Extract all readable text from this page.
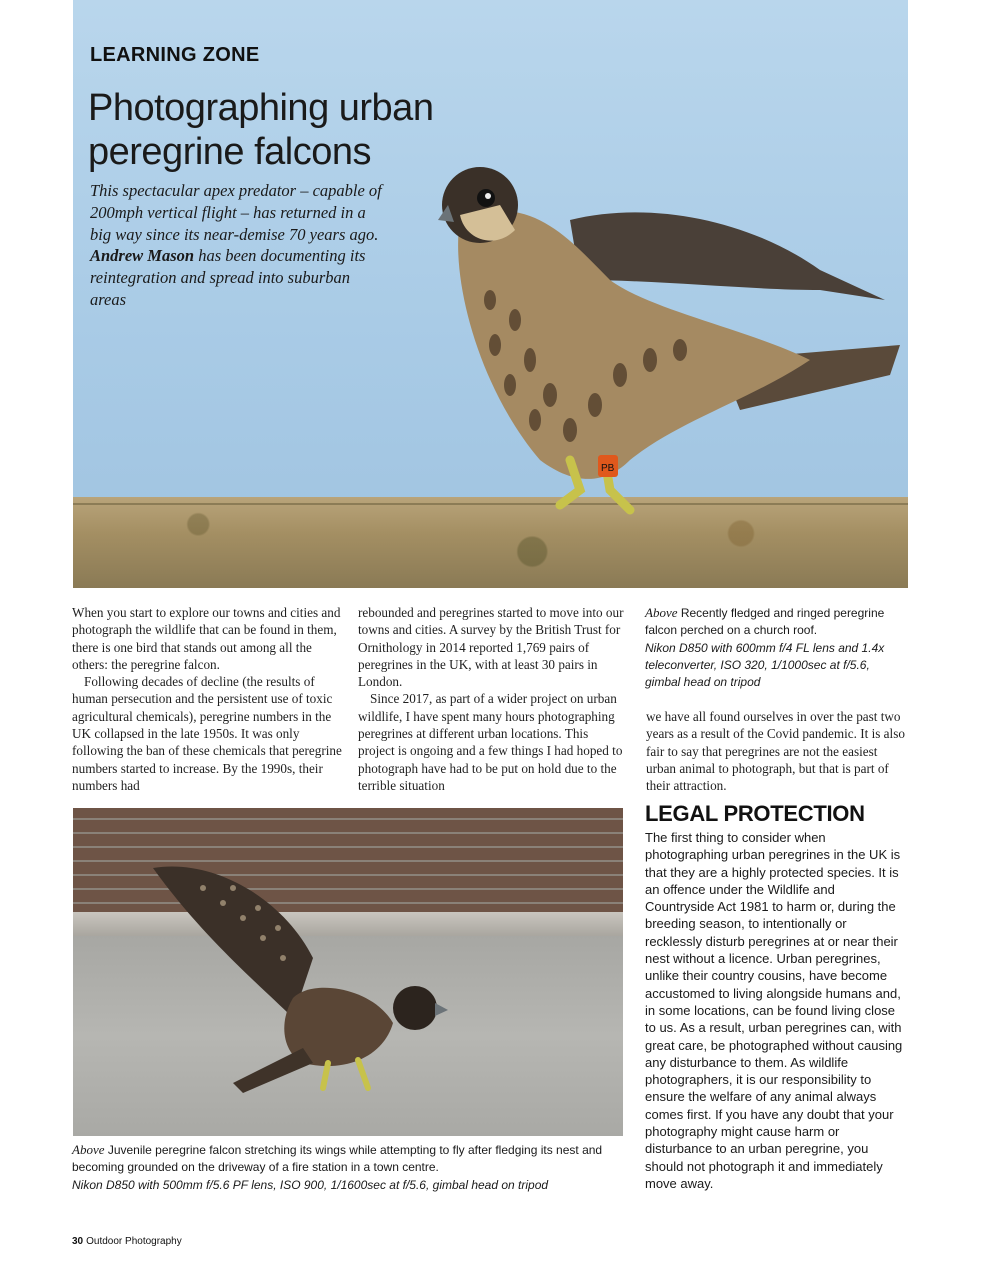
LEARNING ZONE
Photographing urban peregrine falcons

This spectacular apex predator – capable of 200mph vertical flight – has returned in a big way since its near-demise 70 years ago. Andrew Mason has been documenting its reintegration and spread into suburban areas

PB

When you start to explore our towns and cities and photograph the wildlife that can be found in them, there is one bird that stands out among all the others: the peregrine falcon.

Following decades of decline (the results of human persecution and the persistent use of toxic agricultural chemicals), peregrine numbers in the UK collapsed in the late 1950s. It was only following the ban of these chemicals that peregrine numbers started to increase. By the 1990s, their numbers had

rebounded and peregrines started to move into our towns and cities. A survey by the British Trust for Ornithology in 2014 reported 1,769 pairs of peregrines in the UK, with at least 30 pairs in London.

Since 2017, as part of a wider project on urban wildlife, I have spent many hours photographing peregrines at different urban locations. This project is ongoing and a few things I had hoped to photograph have had to be put on hold due to the terrible situation

Above Recently fledged and ringed peregrine falcon perched on a church roof.
Nikon D850 with 600mm f/4 FL lens and 1.4x teleconverter, ISO 320, 1/1000sec at f/5.6, gimbal head on tripod

we have all found ourselves in over the past two years as a result of the Covid pandemic. It is also fair to say that peregrines are not the easiest urban animal to photograph, but that is part of their attraction.

Above Juvenile peregrine falcon stretching its wings while attempting to fly after fledging its nest and becoming grounded on the driveway of a fire station in a town centre.
Nikon D850 with 500mm f/5.6 PF lens, ISO 900, 1/1600sec at f/5.6, gimbal head on tripod
LEGAL PROTECTION

The first thing to consider when photographing urban peregrines in the UK is that they are a highly protected species. It is an offence under the Wildlife and Countryside Act 1981 to harm or, during the breeding season, to intentionally or recklessly disturb peregrines at or near their nest without a licence. Urban peregrines, unlike their country cousins, have become accustomed to living alongside humans and, in some locations, can be found living close to us. As a result, urban peregrines can, with great care, be photographed without causing any disturbance to them. As wildlife photographers, it is our responsibility to ensure the welfare of any animal always comes first. If you have any doubt that your photography might cause harm or disturbance to an urban peregrine, you should not photograph it and immediately move away.

30 Outdoor Photography
